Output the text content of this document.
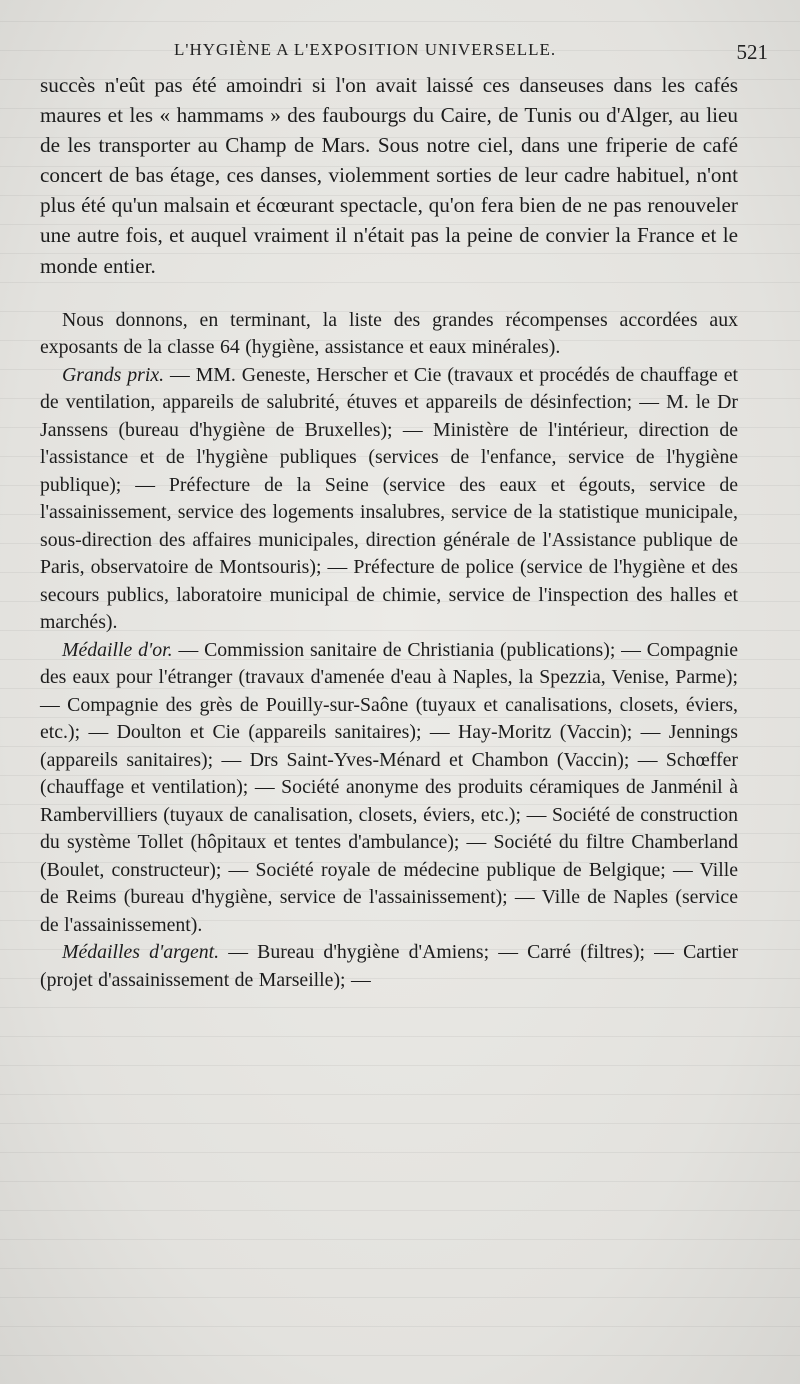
L'HYGIÈNE A L'EXPOSITION UNIVERSELLE.	521

succès n'eût pas été amoindri si l'on avait laissé ces danseuses dans les cafés maures et les « hammams » des faubourgs du Caire, de Tunis ou d'Alger, au lieu de les transporter au Champ de Mars. Sous notre ciel, dans une friperie de café concert de bas étage, ces danses, violemment sorties de leur cadre habituel, n'ont plus été qu'un malsain et écœurant spectacle, qu'on fera bien de ne pas renouveler une autre fois, et auquel vraiment il n'était pas la peine de convier la France et le monde entier.

Nous donnons, en terminant, la liste des grandes récompenses accordées aux exposants de la classe 64 (hygiène, assistance et eaux minérales).

Grands prix. — MM. Geneste, Herscher et Cie (travaux et procédés de chauffage et de ventilation, appareils de salubrité, étuves et appareils de désinfection; — M. le Dr Janssens (bureau d'hygiène de Bruxelles); — Ministère de l'intérieur, direction de l'assistance et de l'hygiène publiques (services de l'enfance, service de l'hygiène publique); — Préfecture de la Seine (service des eaux et égouts, service de l'assainissement, service des logements insalubres, service de la statistique municipale, sous-direction des affaires municipales, direction générale de l'Assistance publique de Paris, observatoire de Montsouris); — Préfecture de police (service de l'hygiène et des secours publics, laboratoire municipal de chimie, service de l'inspection des halles et marchés).

Médaille d'or. — Commission sanitaire de Christiania (publications); — Compagnie des eaux pour l'étranger (travaux d'amenée d'eau à Naples, la Spezzia, Venise, Parme); — Compagnie des grès de Pouilly-sur-Saône (tuyaux et canalisations, closets, éviers, etc.); — Doulton et Cie (appareils sanitaires); — Hay-Moritz (Vaccin); — Jennings (appareils sanitaires); — Drs Saint-Yves-Ménard et Chambon (Vaccin); — Schœffer (chauffage et ventilation); — Société anonyme des produits céramiques de Janménil à Rambervilliers (tuyaux de canalisation, closets, éviers, etc.); — Société de construction du système Tollet (hôpitaux et tentes d'ambulance); — Société du filtre Chamberland (Boulet, constructeur); — Société royale de médecine publique de Belgique; — Ville de Reims (bureau d'hygiène, service de l'assainissement); — Ville de Naples (service de l'assainissement).

Médailles d'argent. — Bureau d'hygiène d'Amiens; — Carré (filtres); — Cartier (projet d'assainissement de Marseille); —
